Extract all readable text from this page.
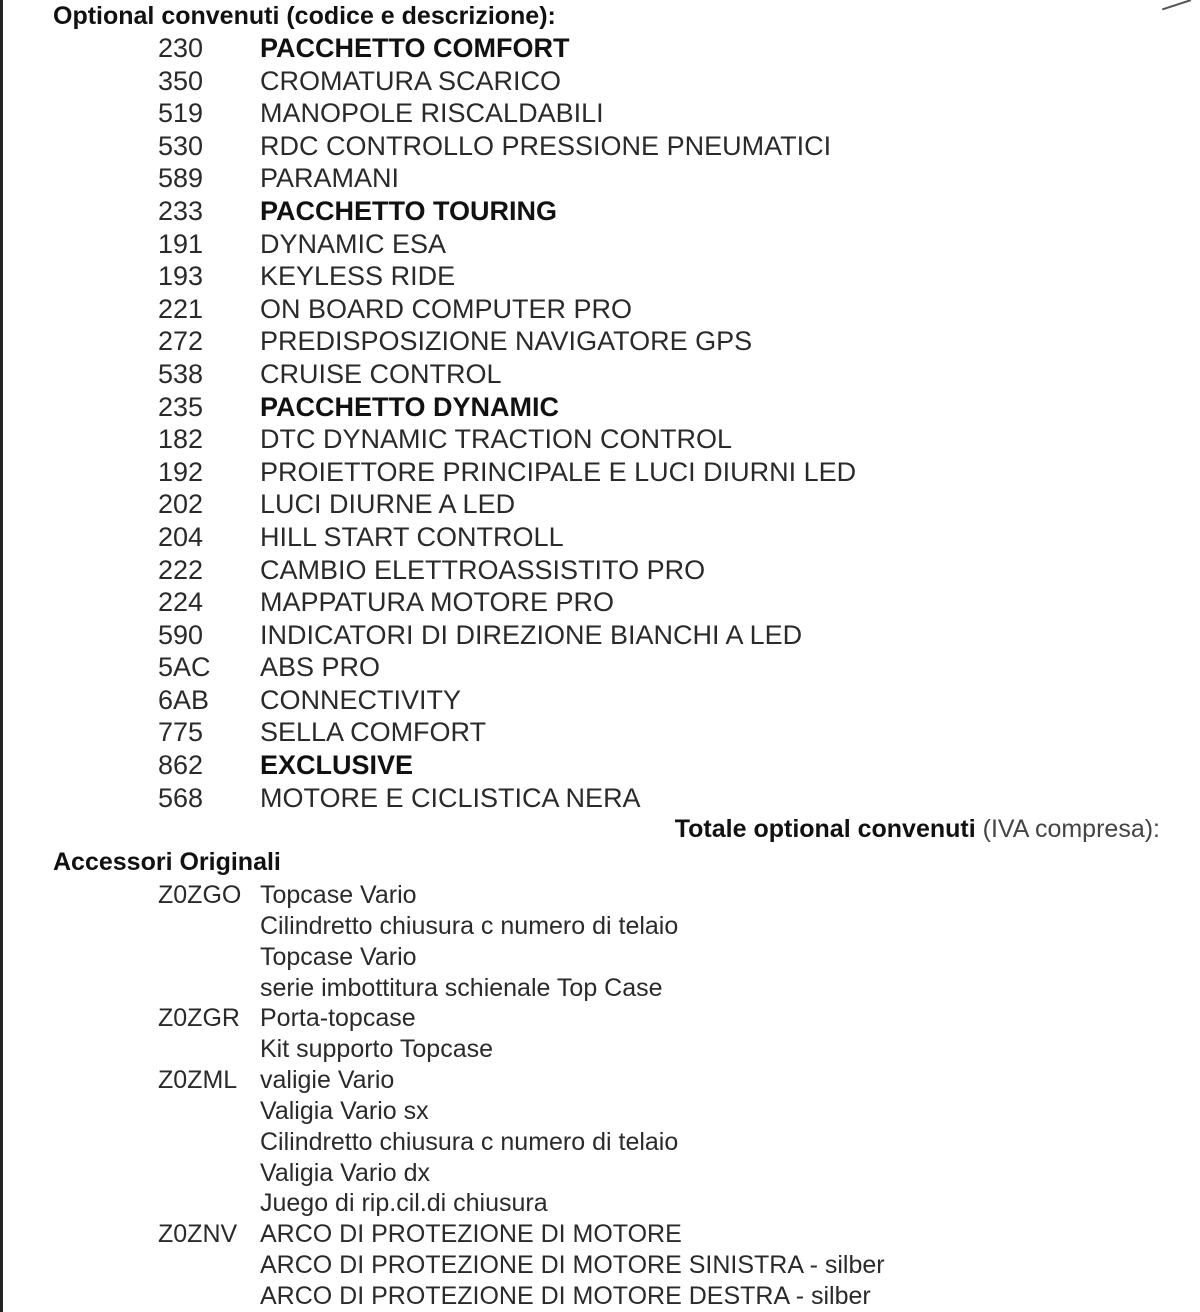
Optional convenuti (codice e descrizione):
230 PACCHETTO COMFORT
350 CROMATURA SCARICO
519 MANOPOLE RISCALDABILI
530 RDC CONTROLLO PRESSIONE PNEUMATICI
589 PARAMANI
233 PACCHETTO TOURING
191 DYNAMIC ESA
193 KEYLESS RIDE
221 ON BOARD COMPUTER PRO
272 PREDISPOSIZIONE NAVIGATORE GPS
538 CRUISE CONTROL
235 PACCHETTO DYNAMIC
182 DTC DYNAMIC TRACTION CONTROL
192 PROIETTORE PRINCIPALE E LUCI DIURNI LED
202 LUCI DIURNE A LED
204 HILL START CONTROLL
222 CAMBIO ELETTROASSISTITO PRO
224 MAPPATURA MOTORE PRO
590 INDICATORI DI DIREZIONE BIANCHI A LED
5AC ABS PRO
6AB CONNECTIVITY
775 SELLA COMFORT
862 EXCLUSIVE
568 MOTORE E CICLISTICA NERA
Totale optional convenuti (IVA compresa):
Accessori Originali
Z0ZGO Topcase Vario
Cilindretto chiusura c numero di telaio
Topcase Vario
serie imbottitura schienale Top Case
Z0ZGR Porta-topcase
Kit supporto Topcase
Z0ZML valigie Vario
Valigia Vario sx
Cilindretto chiusura c numero di telaio
Valigia Vario dx
Juego di rip.cil.di chiusura
Z0ZNV ARCO DI PROTEZIONE DI MOTORE
ARCO DI PROTEZIONE DI MOTORE SINISTRA - silber
ARCO DI PROTEZIONE DI MOTORE DESTRA - silber
